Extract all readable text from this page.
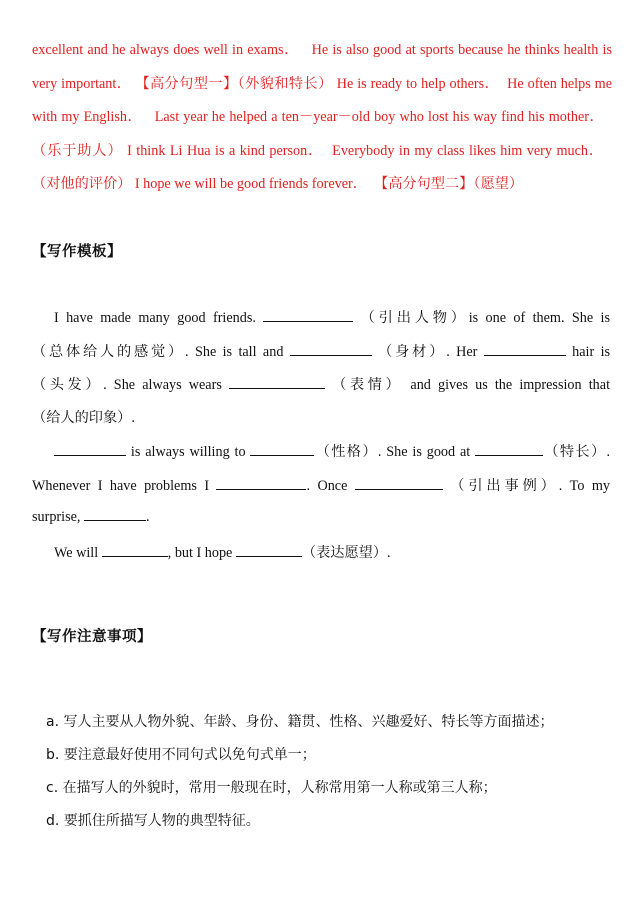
excellent and he always does well in exams． He is also good at sports because he thinks health is very important． 【高分句型一】（外貌和特长） He is ready to help others． He often helps me with my English． Last year he helped a ten－year－old boy who lost his way find his mother．   （乐于助人） I think Li Hua is a kind person． Everybody in my class likes him very much．   （对他的评价） I hope we will be good friends forever． 【高分句型二】（愿望）
【写作模板】
I have made many good friends.	（引出人物）is one of them. She is
（总体给人的感觉）. She is tall and	（身材）. Her	hair is
（头发）. She always wears	（表情） and gives us the impression that
（给人的印象）.
is always willing to	（性格）. She is good at	（特长）.
Whenever I have problems I	. Once	（引出事例）. To my
surprise,	.
We will	, but I hope	（表达愿望）.
【写作注意事项】
a. 写人主要从人物外貌、年龄、身份、籍贯、性格、兴趣爱好、特长等方面描述；
b. 要注意最好使用不同句式以免句式单一；
c. 在描写人的外貌时，常用一般现在时，人称常用第一人称或第三人称；
d. 要抓住所描写人物的典型特征。
